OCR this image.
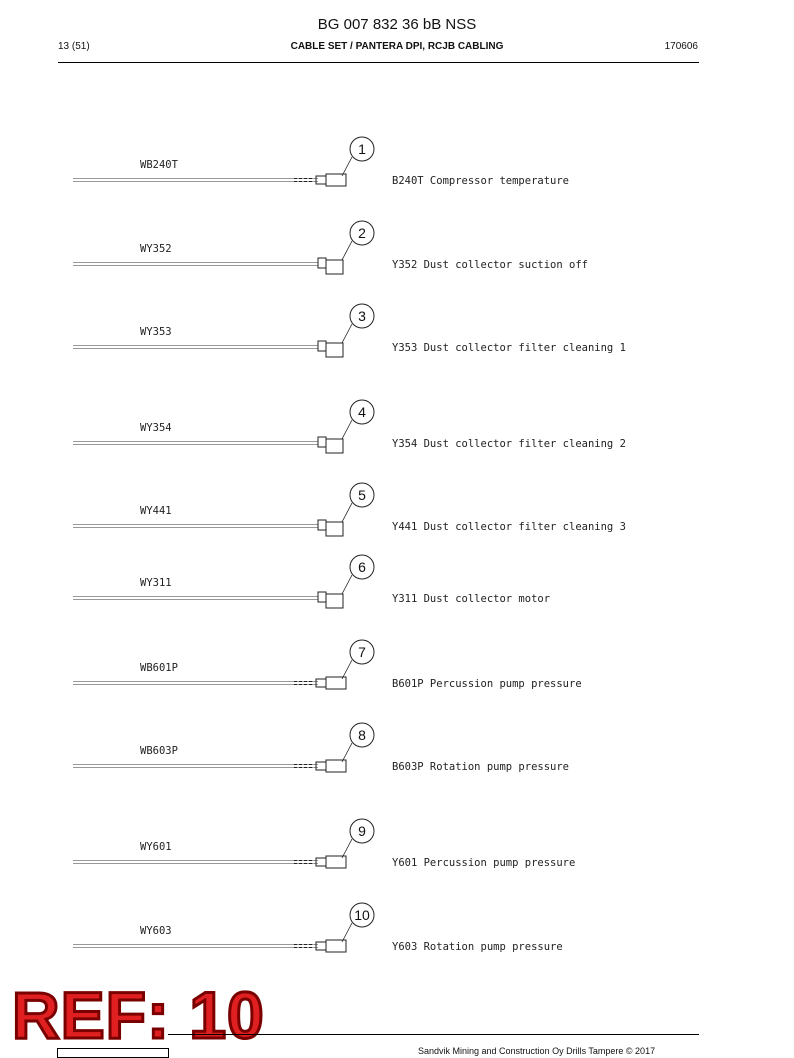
BG 007 832 36 bB NSS
13 (51)	CABLE SET / PANTERA DPI, RCJB CABLING	170606
1
WB240T
B240T Compressor temperature
2
WY352
Y352 Dust collector suction off
3
WY353
Y353 Dust collector filter cleaning 1
4
WY354
Y354 Dust collector filter cleaning 2
5
WY441
Y441 Dust collector filter cleaning 3
6
WY311
Y311 Dust collector motor
7
WB601P
B601P Percussion pump pressure
8
WB603P
B603P Rotation pump pressure
9
WY601
Y601 Percussion pump pressure
10
WY603
Y603 Rotation pump pressure
REF: 10	Sandvik Mining and Construction Oy Drills Tampere © 2017
